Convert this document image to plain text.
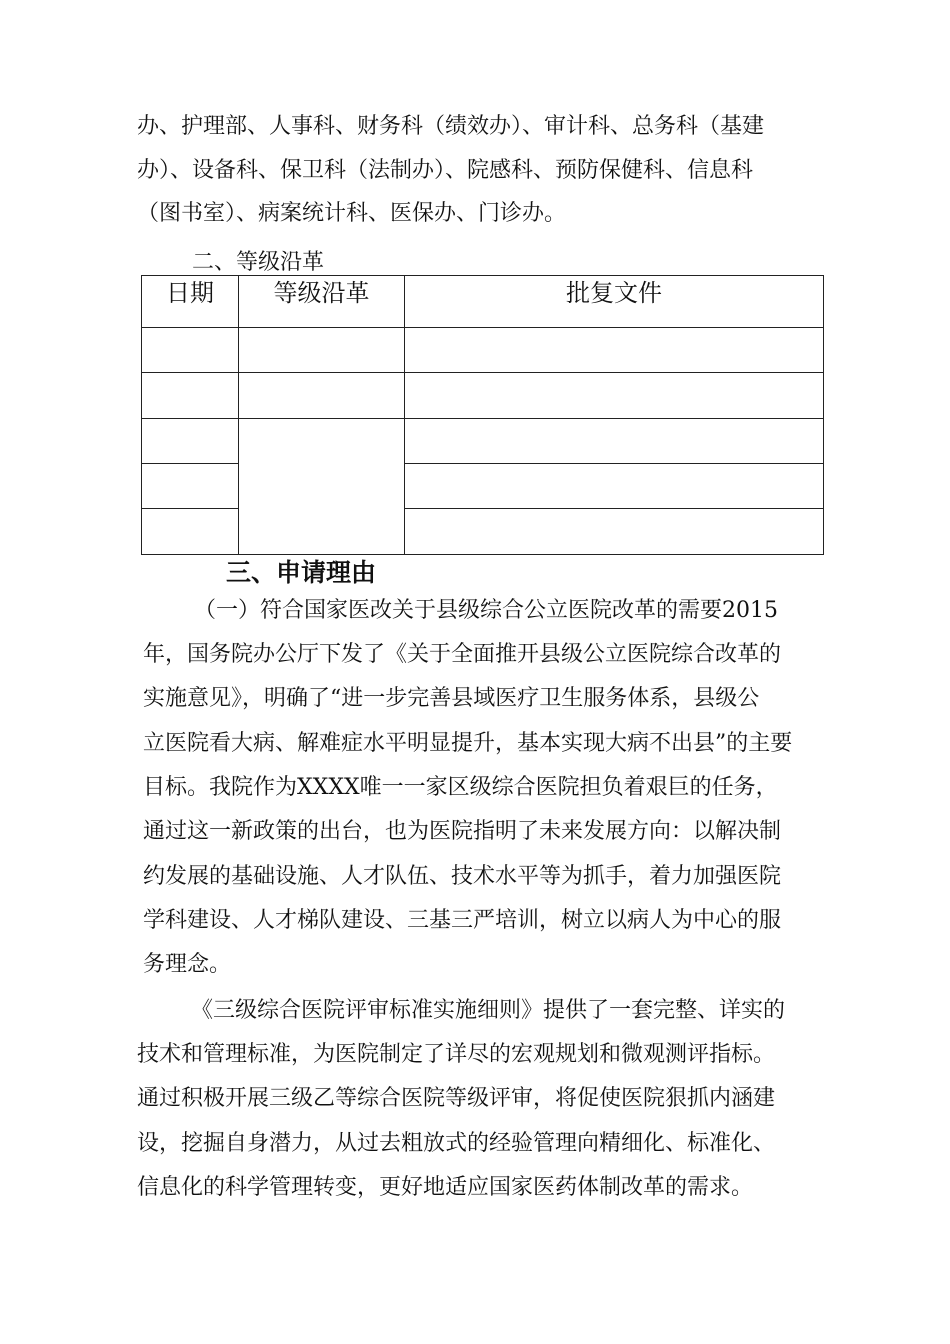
办、护理部、人事科、财务科（绩效办）、审计科、总务科（基建
办）、设备科、保卫科（法制办）、院感科、预防保健科、信息科
（图书室）、病案统计科、医保办、门诊办。
二、等级沿革
日期	等级沿革	批复文件

三、申请理由
（一）符合国家医改关于县级综合公立医院改革的需要2015
年，国务院办公厅下发了《关于全面推开县级公立医院综合改革的
实施意见》，明确了“进一步完善县域医疗卫生服务体系，县级公
立医院看大病、解难症水平明显提升，基本实现大病不出县”的主要
目标。我院作为XXXX唯一一家区级综合医院担负着艰巨的任务，
通过这一新政策的出台，也为医院指明了未来发展方向：以解决制
约发展的基础设施、人才队伍、技术水平等为抓手，着力加强医院
学科建设、人才梯队建设、三基三严培训，树立以病人为中心的服
务理念。
《三级综合医院评审标准实施细则》提供了一套完整、详实的
技术和管理标准，为医院制定了详尽的宏观规划和微观测评指标。
通过积极开展三级乙等综合医院等级评审，将促使医院狠抓内涵建
设，挖掘自身潜力，从过去粗放式的经验管理向精细化、标准化、
信息化的科学管理转变，更好地适应国家医药体制改革的需求。
